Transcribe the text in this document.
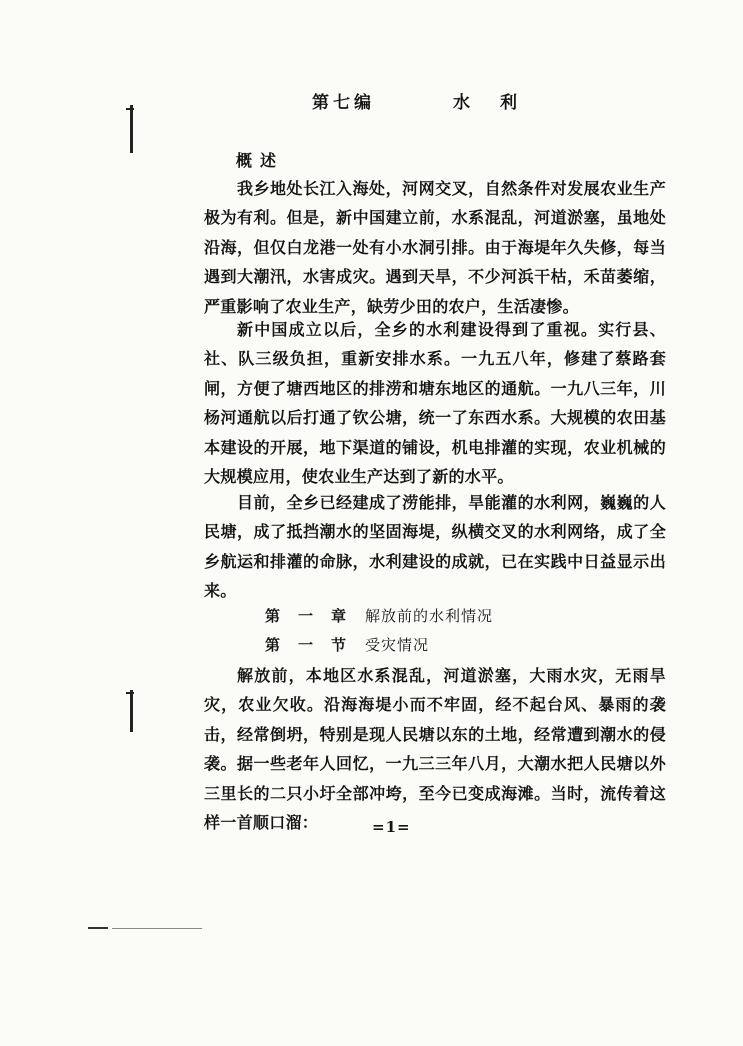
第七编	水利
概述

我乡地处长江入海处，河网交叉，自然条件对发展农业生产极为有利。但是，新中国建立前，水系混乱，河道淤塞，虽地处沿海，但仅白龙港一处有小水洞引排。由于海堤年久失修，每当遇到大潮汛，水害成灾。遇到天旱，不少河浜干枯，禾苗萎缩，严重影响了农业生产，缺劳少田的农户，生活凄惨。

新中国成立以后，全乡的水利建设得到了重视。实行县、社、队三级负担，重新安排水系。一九五八年，修建了蔡路套闸，方便了塘西地区的排涝和塘东地区的通航。一九八三年，川杨河通航以后打通了钦公塘，统一了东西水系。大规模的农田基本建设的开展，地下渠道的铺设，机电排灌的实现，农业机械的大规模应用，使农业生产达到了新的水平。

目前，全乡已经建成了涝能排，旱能灌的水利网，巍巍的人民塘，成了抵挡潮水的坚固海堤，纵横交叉的水利网络，成了全乡航运和排灌的命脉，水利建设的成就，已在实践中日益显示出来。

第一章解放前的水利情况
第一节受灾情况

解放前，本地区水系混乱，河道淤塞，大雨水灾，无雨旱灾，农业欠收。沿海海堤小而不牢固，经不起台风、暴雨的袭击，经常倒坍，特别是现人民塘以东的土地，经常遭到潮水的侵袭。据一些老年人回忆，一九三三年八月，大潮水把人民塘以外三里长的二只小圩全部冲垮，至今已变成海滩。当时，流传着这样一首顺口溜：	=1=
